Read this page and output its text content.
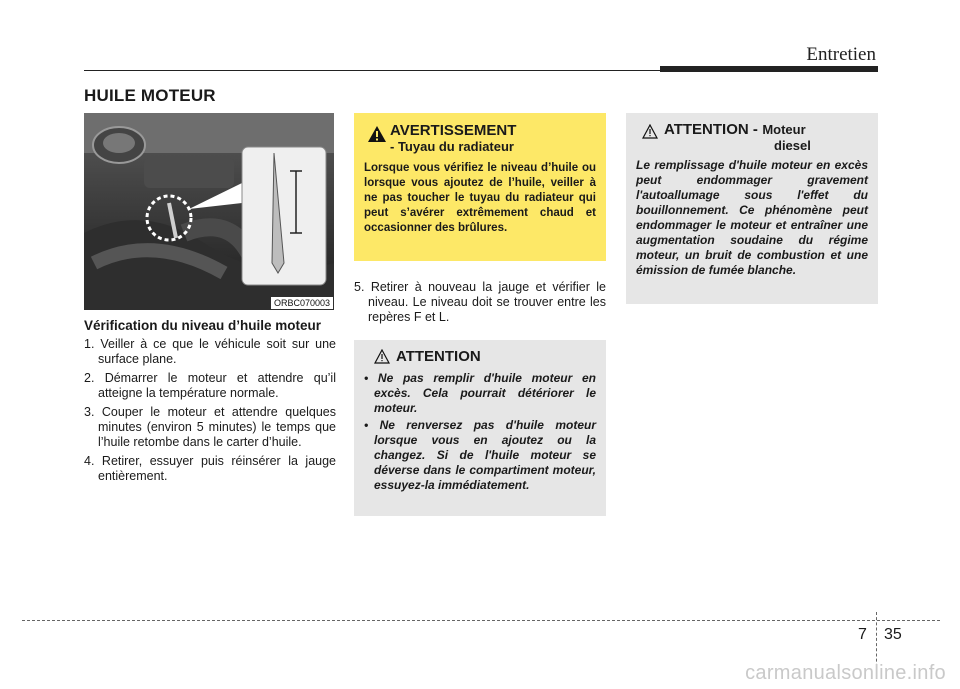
Entretien
HUILE MOTEUR
ORBC070003
Vérification du niveau d’huile moteur
1. Veiller à ce que le véhicule soit sur une surface plane.
2. Démarrer le moteur et attendre qu’il atteigne la température normale.
3. Couper le moteur et attendre quelques minutes (environ 5 minutes) le temps que l’huile retombe dans le carter d’huile.
4. Retirer, essuyer puis réinsérer la jauge entièrement.
AVERTISSEMENT
- Tuyau du radiateur
Lorsque vous vérifiez le niveau d’huile ou lorsque vous ajoutez de l’huile, veiller à ne pas toucher le tuyau du radiateur qui peut s’avérer extrêmement chaud et occasionner des brûlures.

5. Retirer à nouveau la jauge et vérifier le niveau. Le niveau doit se trouver entre les repères F et L.

ATTENTION
• Ne pas remplir d'huile moteur en excès. Cela pourrait détériorer le moteur.
• Ne renversez pas d'huile moteur lorsque vous en ajoutez ou la changez. Si de l'huile moteur se déverse dans le compartiment moteur, essuyez-la immédiatement.
ATTENTION - Moteur
diesel
Le remplissage d'huile moteur en excès peut endommager gravement l'autoallumage sous l'effet du bouillonnement. Ce phénomène peut endommager le moteur et entraîner une augmentation soudaine du régime moteur, un bruit de combustion et une émission de fumée blanche.
7 35
carmanualsonline.info
